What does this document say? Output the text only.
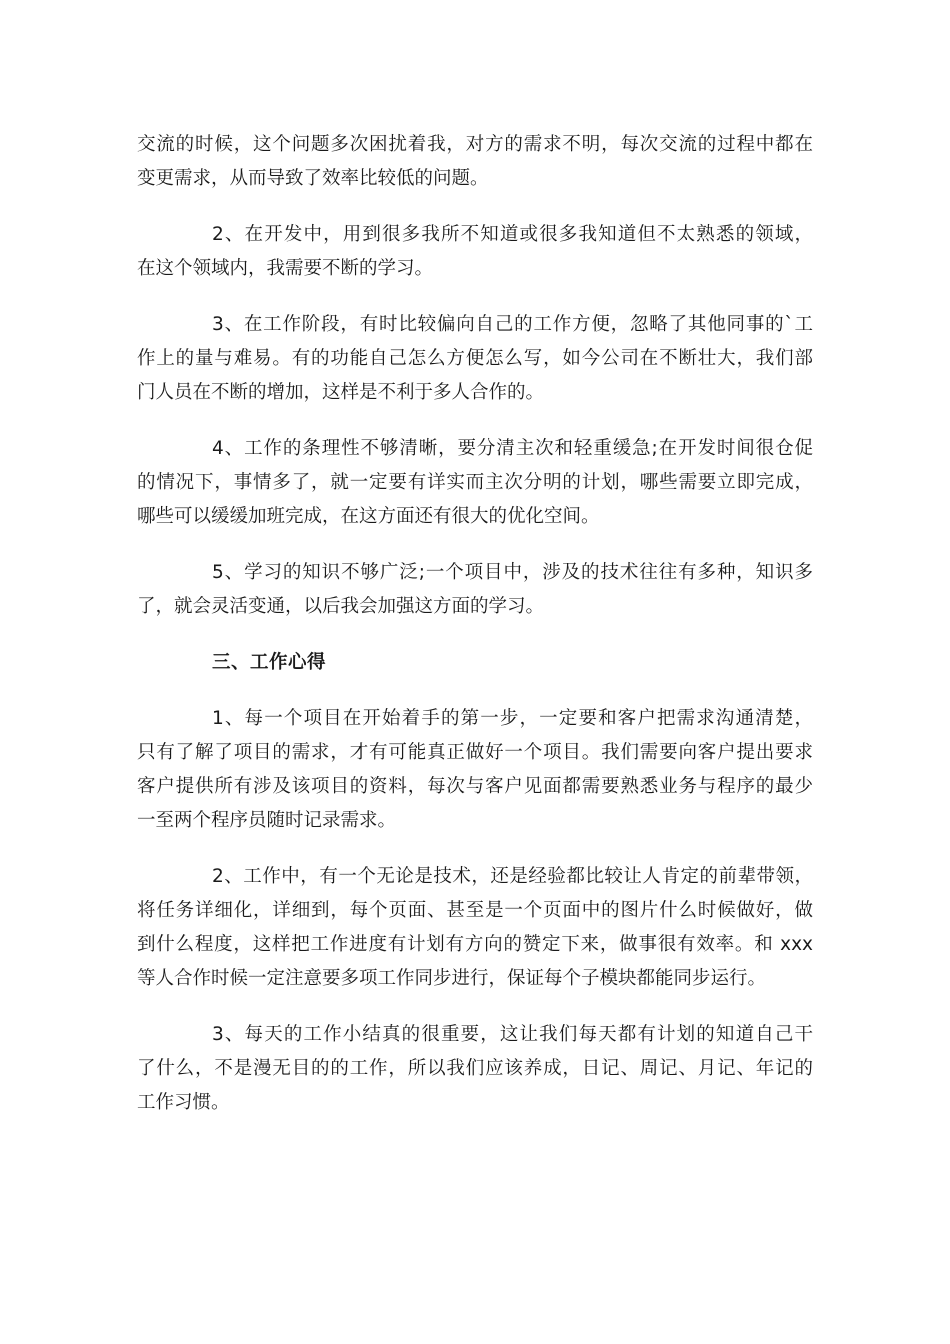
交流的时候，这个问题多次困扰着我，对方的需求不明，每次交流的过程中都在
变更需求，从而导致了效率比较低的问题。

2、在开发中，用到很多我所不知道或很多我知道但不太熟悉的领域，
在这个领域内，我需要不断的学习。

3、在工作阶段，有时比较偏向自己的工作方便，忽略了其他同事的`工
作上的量与难易。有的功能自己怎么方便怎么写，如今公司在不断壮大，我们部
门人员在不断的增加，这样是不利于多人合作的。

4、工作的条理性不够清晰，要分清主次和轻重缓急;在开发时间很仓促
的情况下，事情多了，就一定要有详实而主次分明的计划，哪些需要立即完成，
哪些可以缓缓加班完成，在这方面还有很大的优化空间。

5、学习的知识不够广泛;一个项目中，涉及的技术往往有多种，知识多
了，就会灵活变通，以后我会加强这方面的学习。

三、工作心得

1、每一个项目在开始着手的第一步，一定要和客户把需求沟通清楚，
只有了解了项目的需求，才有可能真正做好一个项目。我们需要向客户提出要求
客户提供所有涉及该项目的资料，每次与客户见面都需要熟悉业务与程序的最少
一至两个程序员随时记录需求。

2、工作中，有一个无论是技术，还是经验都比较让人肯定的前辈带领，
将任务详细化，详细到，每个页面、甚至是一个页面中的图片什么时候做好，做
到什么程度，这样把工作进度有计划有方向的赞定下来，做事很有效率。和 xxx
等人合作时候一定注意要多项工作同步进行，保证每个子模块都能同步运行。

3、每天的工作小结真的很重要，这让我们每天都有计划的知道自己干
了什么，不是漫无目的的工作，所以我们应该养成，日记、周记、月记、年记的
工作习惯。
